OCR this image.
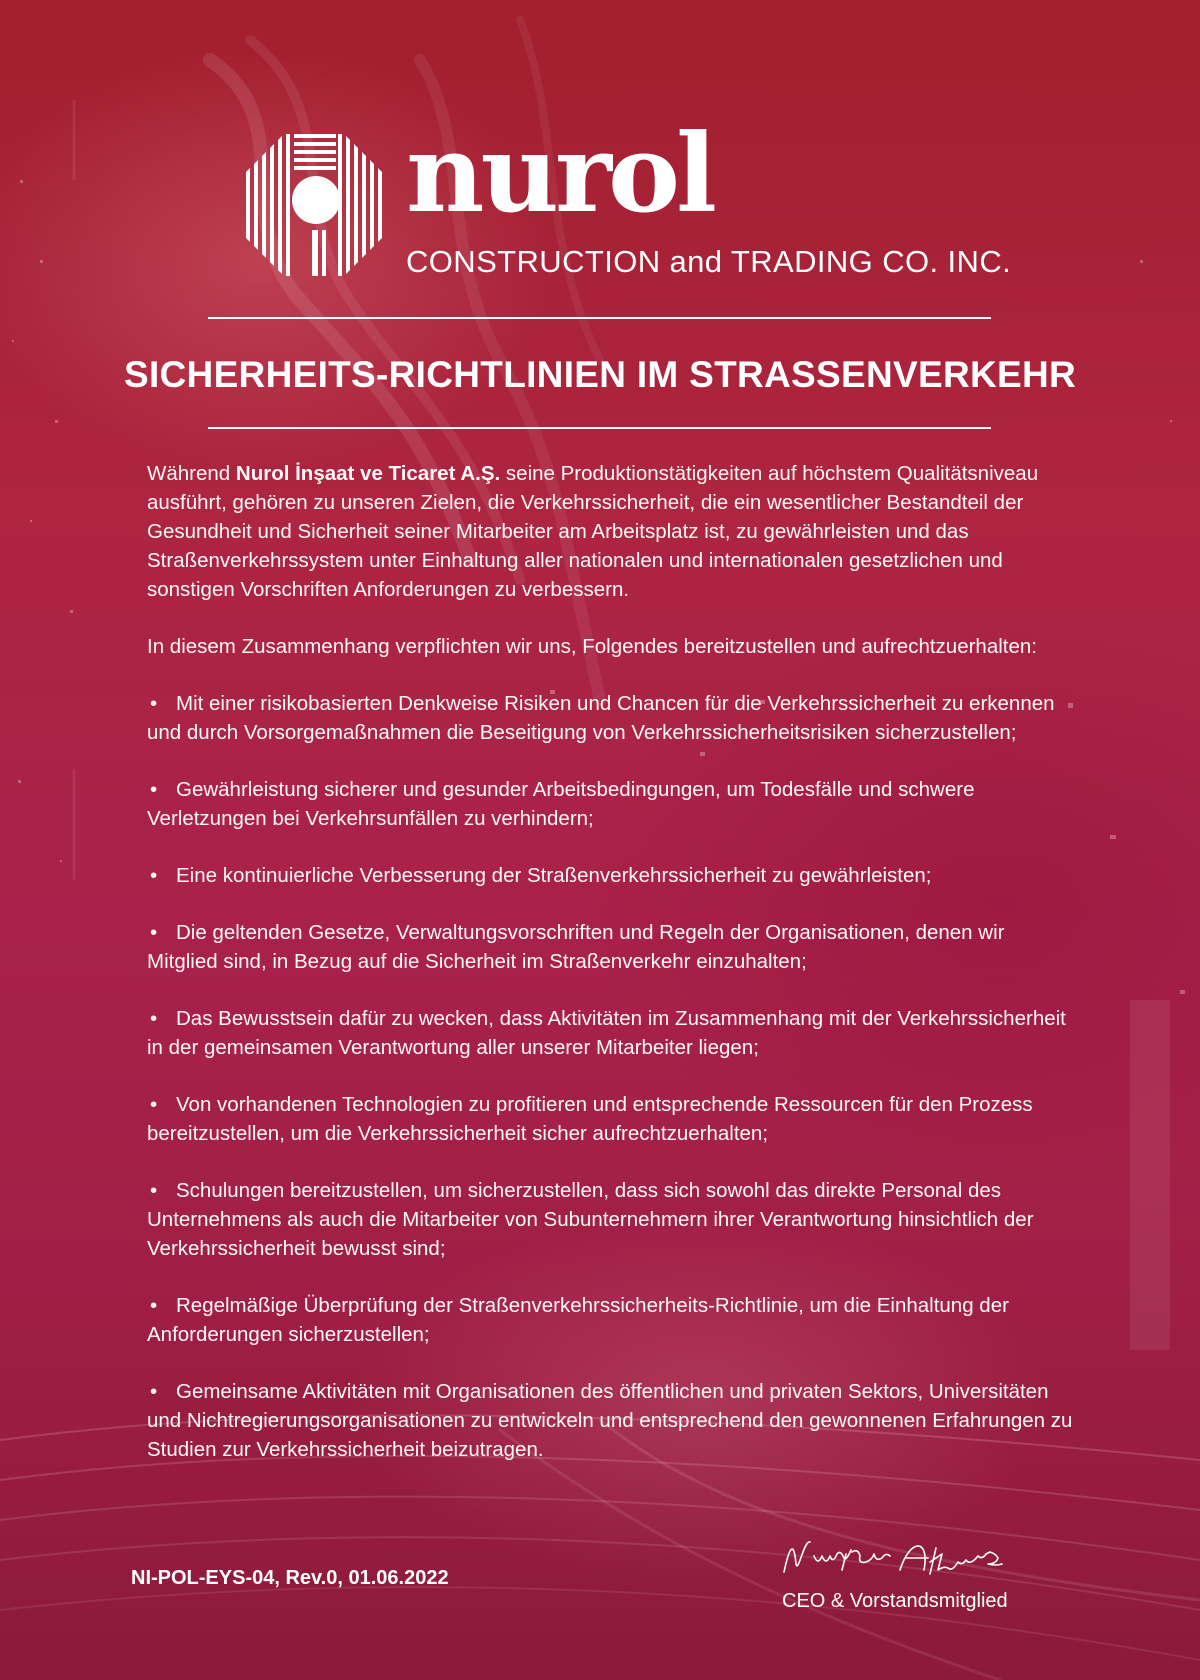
nurol
CONSTRUCTION and TRADING CO. INC.
SICHERHEITS-RICHTLINIEN IM STRASSENVERKEHR

Während Nurol İnşaat ve Ticaret A.Ş. seine Produktionstätigkeiten auf höchstem Qualitätsniveau ausführt, gehören zu unseren Zielen, die Verkehrssicherheit, die ein wesentlicher Bestandteil der Gesundheit und Sicherheit seiner Mitarbeiter am Arbeitsplatz ist, zu gewährleisten und das Straßenverkehrssystem unter Einhaltung aller nationalen und internationalen gesetzlichen und sonstigen Vorschriften Anforderungen zu verbessern.

In diesem Zusammenhang verpflichten wir uns, Folgendes bereitzustellen und aufrechtzuerhalten:

• Mit einer risikobasierten Denkweise Risiken und Chancen für die Verkehrssicherheit zu erkennen und durch Vorsorgemaßnahmen die Beseitigung von Verkehrssicherheitsrisiken sicherzustellen;

• Gewährleistung sicherer und gesunder Arbeitsbedingungen, um Todesfälle und schwere Verletzungen bei Verkehrsunfällen zu verhindern;

• Eine kontinuierliche Verbesserung der Straßenverkehrssicherheit zu gewährleisten;

• Die geltenden Gesetze, Verwaltungsvorschriften und Regeln der Organisationen, denen wir Mitglied sind, in Bezug auf die Sicherheit im Straßenverkehr einzuhalten;

• Das Bewusstsein dafür zu wecken, dass Aktivitäten im Zusammenhang mit der Verkehrssicherheit in der gemeinsamen Verantwortung aller unserer Mitarbeiter liegen;

• Von vorhandenen Technologien zu profitieren und entsprechende Ressourcen für den Prozess bereitzustellen, um die Verkehrssicherheit sicher aufrechtzuerhalten;

• Schulungen bereitzustellen, um sicherzustellen, dass sich sowohl das direkte Personal des Unternehmens als auch die Mitarbeiter von Subunternehmern ihrer Verantwortung hinsichtlich der Verkehrssicherheit bewusst sind;

• Regelmäßige Überprüfung der Straßenverkehrssicherheits-Richtlinie, um die Einhaltung der Anforderungen sicherzustellen;

• Gemeinsame Aktivitäten mit Organisationen des öffentlichen und privaten Sektors, Universitäten und Nichtregierungsorganisationen zu entwickeln und entsprechend den gewonnenen Erfahrungen zu Studien zur Verkehrssicherheit beizutragen.

NI-POL-EYS-04, Rev.0, 01.06.2022
CEO & Vorstandsmitglied
